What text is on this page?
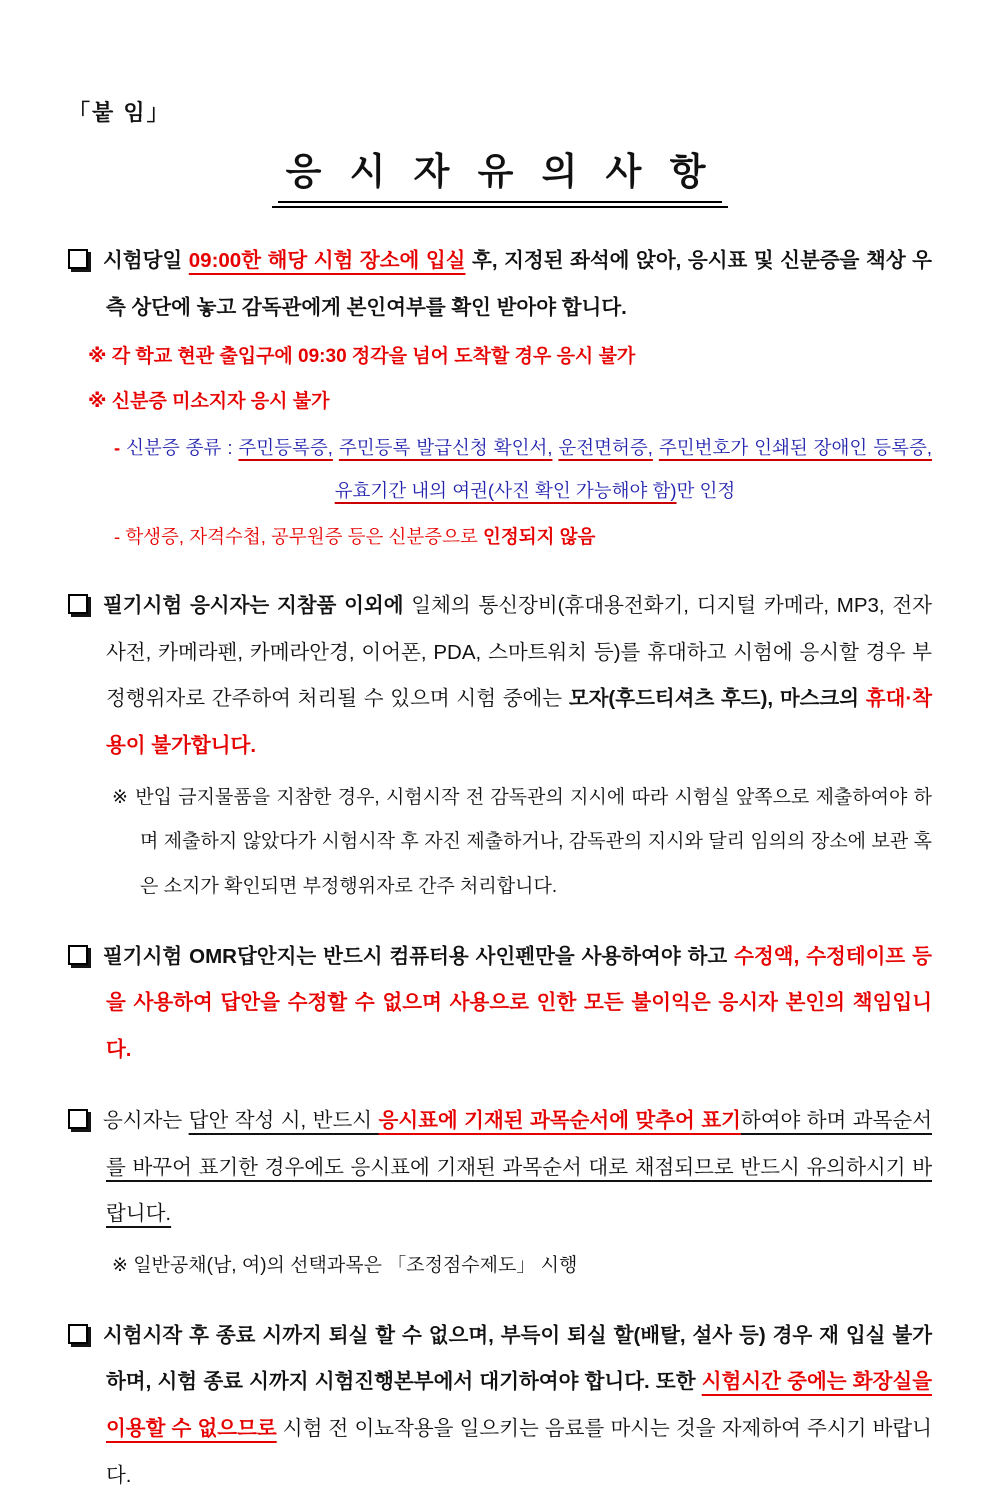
「붙 임」
응 시 자 유 의 사 항
시험당일 09:00한 해당 시험 장소에 입실 후, 지정된 좌석에 앉아, 응시표 및 신분증을 책상 우측 상단에 놓고 감독관에게 본인여부를 확인 받아야 합니다.
※ 각 학교 현관 출입구에 09:30 정각을 넘어 도착할 경우 응시 불가
※ 신분증 미소지자 응시 불가
- 신분증 종류 : 주민등록증, 주민등록 발급신청 확인서, 운전면허증, 주민번호가 인쇄된 장애인 등록증, 유효기간 내의 여권(사진 확인 가능해야 함)만 인정
- 학생증, 자격수첩, 공무원증 등은 신분증으로 인정되지 않음
필기시험 응시자는 지참품 이외에 일체의 통신장비(휴대용전화기, 디지털 카메라, MP3, 전자사전, 카메라펜, 카메라안경, 이어폰, PDA, 스마트워치 등)를 휴대하고 시험에 응시할 경우 부정행위자로 간주하여 처리될 수 있으며 시험 중에는 모자(후드티셔츠 후드), 마스크의 휴대·착용이 불가합니다.
※ 반입 금지물품을 지참한 경우, 시험시작 전 감독관의 지시에 따라 시험실 앞쪽으로 제출하여야 하며 제출하지 않았다가 시험시작 후 자진 제출하거나, 감독관의 지시와 달리 임의의 장소에 보관 혹은 소지가 확인되면 부정행위자로 간주 처리합니다.
필기시험 OMR답안지는 반드시 컴퓨터용 사인펜만을 사용하여야 하고 수정액, 수정테이프 등을 사용하여 답안을 수정할 수 없으며 사용으로 인한 모든 불이익은 응시자 본인의 책임입니다.
응시자는 답안 작성 시, 반드시 응시표에 기재된 과목순서에 맞추어 표기하여야 하며 과목순서를 바꾸어 표기한 경우에도 응시표에 기재된 과목순서 대로 채점되므로 반드시 유의하시기 바랍니다.
※ 일반공채(남, 여)의 선택과목은 「조정점수제도」 시행
시험시작 후 종료 시까지 퇴실 할 수 없으며, 부득이 퇴실 할(배탈, 설사 등) 경우 재 입실 불가하며, 시험 종료 시까지 시험진행본부에서 대기하여야 합니다. 또한 시험시간 중에는 화장실을 이용할 수 없으므로 시험 전 이뇨작용을 일으키는 음료를 마시는 것을 자제하여 주시기 바랍니다.
